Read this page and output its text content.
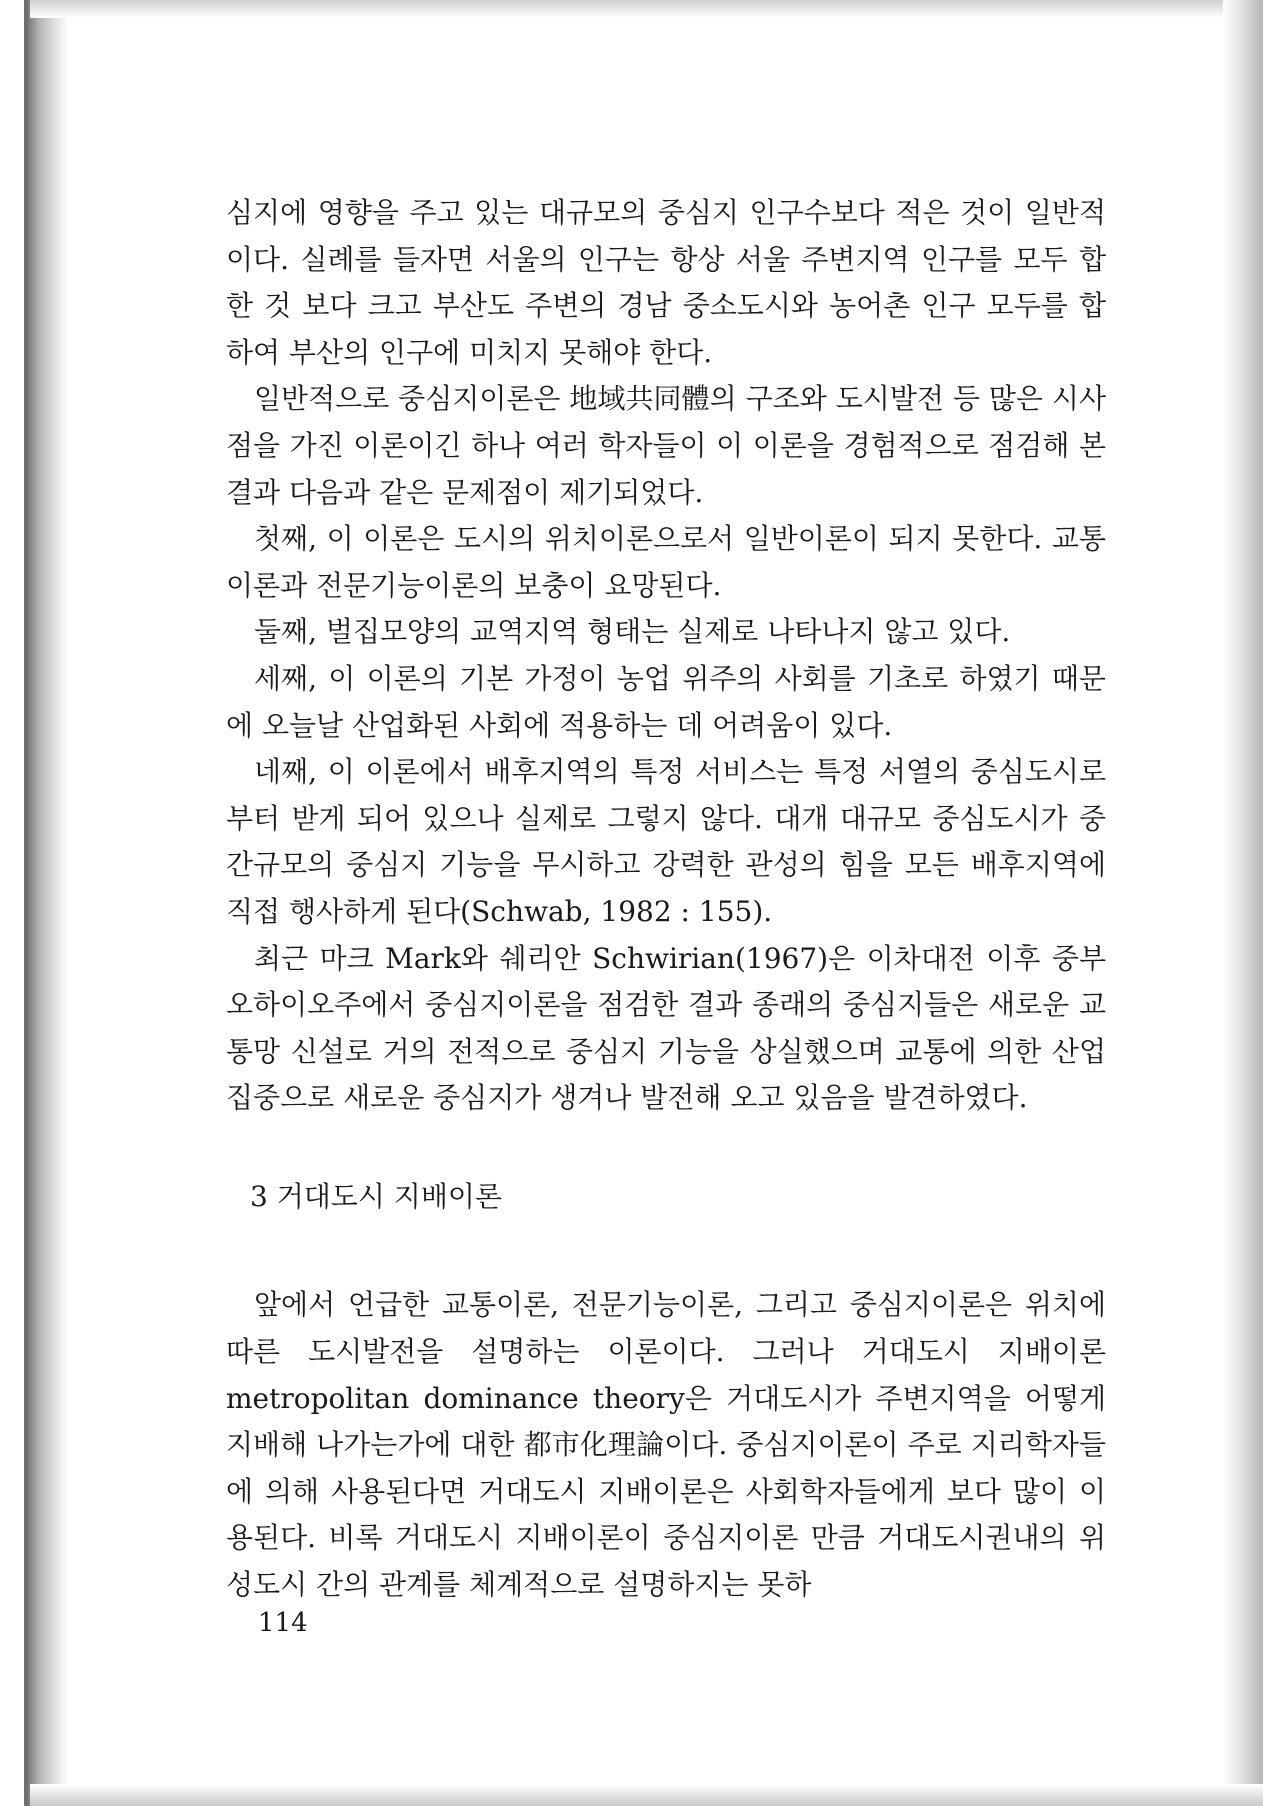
심지에 영향을 주고 있는 대규모의 중심지 인구수보다 적은 것이 일반적이다. 실례를 들자면 서울의 인구는 항상 서울 주변지역 인구를 모두 합한 것 보다 크고 부산도 주변의 경남 중소도시와 농어촌 인구 모두를 합하여 부산의 인구에 미치지 못해야 한다.

일반적으로 중심지이론은 地域共同體의 구조와 도시발전 등 많은 시사점을 가진 이론이긴 하나 여러 학자들이 이 이론을 경험적으로 점검해 본 결과 다음과 같은 문제점이 제기되었다.

첫째, 이 이론은 도시의 위치이론으로서 일반이론이 되지 못한다. 교통이론과 전문기능이론의 보충이 요망된다.

둘째, 벌집모양의 교역지역 형태는 실제로 나타나지 않고 있다.

세째, 이 이론의 기본 가정이 농업 위주의 사회를 기초로 하였기 때문에 오늘날 산업화된 사회에 적용하는 데 어려움이 있다.

네째, 이 이론에서 배후지역의 특정 서비스는 특정 서열의 중심도시로부터 받게 되어 있으나 실제로 그렇지 않다. 대개 대규모 중심도시가 중간규모의 중심지 기능을 무시하고 강력한 관성의 힘을 모든 배후지역에 직접 행사하게 된다(Schwab, 1982 : 155).

최근 마크 Mark와 쉐리안 Schwirian(1967)은 이차대전 이후 중부 오하이오주에서 중심지이론을 점검한 결과 종래의 중심지들은 새로운 교통망 신설로 거의 전적으로 중심지 기능을 상실했으며 교통에 의한 산업집중으로 새로운 중심지가 생겨나 발전해 오고 있음을 발견하였다.

3 거대도시 지배이론

앞에서 언급한 교통이론, 전문기능이론, 그리고 중심지이론은 위치에 따른 도시발전을 설명하는 이론이다. 그러나 거대도시 지배이론 metropolitan dominance theory은 거대도시가 주변지역을 어떻게 지배해 나가는가에 대한 都市化理論이다. 중심지이론이 주로 지리학자들에 의해 사용된다면 거대도시 지배이론은 사회학자들에게 보다 많이 이용된다. 비록 거대도시 지배이론이 중심지이론 만큼 거대도시권내의 위성도시 간의 관계를 체계적으로 설명하지는 못하

114
